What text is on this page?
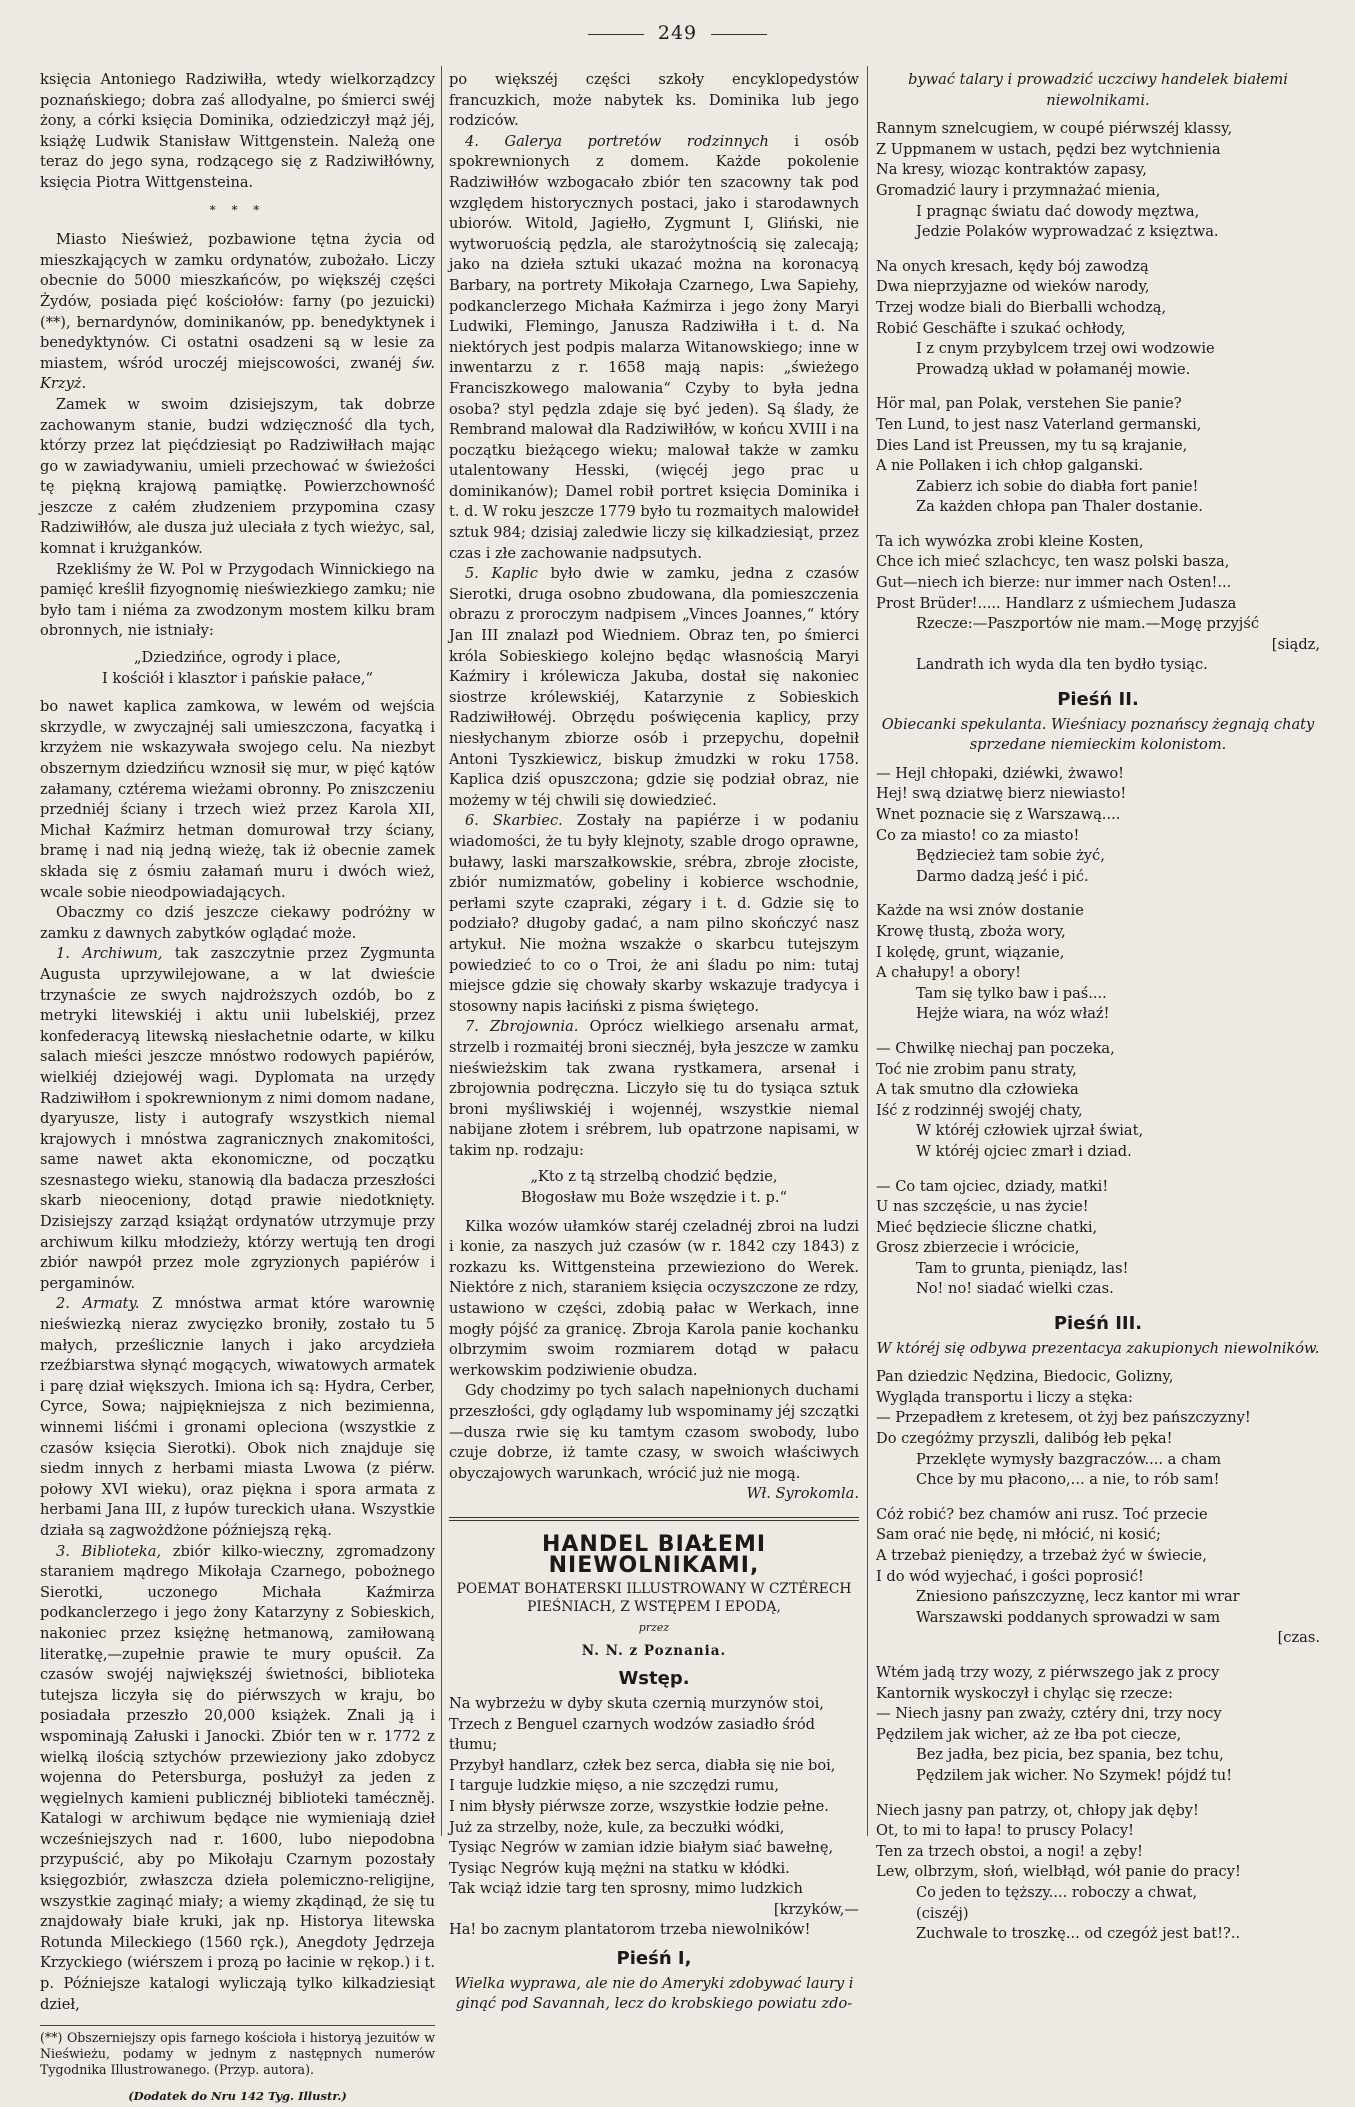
249

księcia Antoniego Radziwiłła, wtedy wielkorządzcy poznańskiego; dobra zaś allodyalne, po śmierci swéj żony, a córki księcia Dominika, odziedziczył mąż jéj, książę Ludwik Stanisław Wittgenstein. Należą one teraz do jego syna, rodzącego się z Radziwiłłówny, księcia Piotra Wittgensteina.

* * *

Miasto Nieśwież, pozbawione tętna życia od mieszkających w zamku ordynatów, zubożało. Liczy obecnie do 5000 mieszkańców, po większéj części Żydów, posiada pięć kościołów: farny (po jezuicki)(**), bernardynów, dominikanów, pp. benedyktynek i benedyktynów. Ci ostatni osadzeni są w lesie za miastem, wśród uroczéj miejscowości, zwanéj św. Krzyż.

Zamek w swoim dzisiejszym, tak dobrze zachowanym stanie, budzi wdzięczność dla tych, którzy przez lat pięćdziesiąt po Radziwiłłach mając go w zawiadywaniu, umieli przechować w świeżości tę piękną krajową pamiątkę. Powierzchowność jeszcze z całém złudzeniem przypomina czasy Radziwiłłów, ale dusza już uleciała z tych wieżyc, sal, komnat i krużganków.

Rzekliśmy że W. Pol w Przygodach Winnickiego na pamięć kreślił fizyognomię nieświezkiego zamku; nie było tam i niéma za zwodzonym mostem kilku bram obronnych, nie istniały:

„Dziedzińce, ogrody i place,
I kościół i klasztor i pańskie pałace,“

bo nawet kaplica zamkowa, w lewém od wejścia skrzydle, w zwyczajnéj sali umieszczona, facyatką i krzyżem nie wskazywała swojego celu. Na niezbyt obszernym dziedzińcu wznosił się mur, w pięć kątów załamany, cztérema wieżami obronny. Po zniszczeniu przedniéj ściany i trzech wież przez Karola XII, Michał Kaźmirz hetman domurował trzy ściany, bramę i nad nią jedną wieżę, tak iż obecnie zamek składa się z ósmiu załamań muru i dwóch wież, wcale sobie nieodpowiadających.

Obaczmy co dziś jeszcze ciekawy podróżny w zamku z dawnych zabytków oglądać może.

1. Archiwum, tak zaszczytnie przez Zygmunta Augusta uprzywilejowane, a w lat dwieście trzynaście ze swych najdroższych ozdób, bo z metryki litewskiéj i aktu unii lubelskiéj, przez konfederacyą litewską niesłachetnie odarte, w kilku salach mieści jeszcze mnóstwo rodowych papiérów, wielkiéj dziejowéj wagi. Dyplomata na urzędy Radziwiłłom i spokrewnionym z nimi domom nadane, dyaryusze, listy i autografy wszystkich niemal krajowych i mnóstwa zagranicznych znakomitości, same nawet akta ekonomiczne, od początku szesnastego wieku, stanowią dla badacza przeszłości skarb nieoceniony, dotąd prawie niedotknięty. Dzisiejszy zarząd książąt ordynatów utrzymuje przy archiwum kilku młodzieży, którzy wertują ten drogi zbiór nawpół przez mole zgryzionych papiérów i pergaminów.

2. Armaty. Z mnóstwa armat które warownię nieświezką nieraz zwycięzko broniły, zostało tu 5 małych, prześlicznie lanych i jako arcydzieła rzeźbiarstwa słynąć mogących, wiwatowych armatek i parę dział większych. Imiona ich są: Hydra, Cerber, Cyrce, Sowa; najpiękniejsza z nich bezimienna, winnemi liśćmi i gronami opleciona (wszystkie z czasów księcia Sierotki). Obok nich znajduje się siedm innych z herbami miasta Lwowa (z piérw. połowy XVI wieku), oraz piękna i spora armata z herbami Jana III, z łupów tureckich ułana. Wszystkie działa są zagwożdżone późniejszą ręką.

3. Biblioteka, zbiór kilko-wieczny, zgromadzony staraniem mądrego Mikołaja Czarnego, pobożnego Sierotki, uczonego Michała Kaźmirza podkanclerzego i jego żony Katarzyny z Sobieskich, nakoniec przez księżnę hetmanową, zamiłowaną literatkę,—zupełnie prawie te mury opuścił. Za czasów swojéj największéj świetności, biblioteka tutejsza liczyła się do piérwszych w kraju, bo posiadała przeszło 20,000 książek. Znali ją i wspominają Załuski i Janocki. Zbiór ten w r. 1772 z wielką ilością sztychów przewieziony jako zdobycz wojenna do Petersburga, posłużył za jeden z węgielnych kamieni publicznéj biblioteki taméczněj. Katalogi w archiwum będące nie wymieniają dzieł wcześniejszych nad r. 1600, lubo niepodobna przypuścić, aby po Mikołaju Czarnym pozostały księgozbiór, zwłaszcza dzieła polemiczno-religijne, wszystkie zaginąć miały; a wiemy zkądinąd, że się tu znajdowały białe kruki, jak np. Historya litewska Rotunda Mileckiego (1560 rçk.), Anegdoty Jędrzeja Krzyckiego (wiérszem i prozą po łacinie w rękop.) i t. p. Późniejsze katalogi wyliczają tylko kilkadziesiąt dzieł,

(**) Obszerniejszy opis farnego kościoła i historyą jezuitów w Nieświeżu, podamy w jednym z następnych numerów Tygodnika Illustrowanego. (Przyp. autora).
(Dodatek do Nru 142 Tyg. Illustr.)

po większéj części szkoły encyklopedystów francuzkich, może nabytek ks. Dominika lub jego rodziców.

4. Galerya portretów rodzinnych i osób spokrewnionych z domem. Każde pokolenie Radziwiłłów wzbogacało zbiór ten szacowny tak pod względem historycznych postaci, jako i starodawnych ubiorów. Witold, Jagiełło, Zygmunt I, Gliński, nie wytworuością pędzla, ale starożytnością się zalecają; jako na dzieła sztuki ukazać można na koronacyą Barbary, na portrety Mikołaja Czarnego, Lwa Sapiehy, podkanclerzego Michała Kaźmirza i jego żony Maryi Ludwiki, Flemingo, Janusza Radziwiłła i t. d. Na niektórych jest podpis malarza Witanowskiego; inne w inwentarzu z r. 1658 mają napis: „świeżego Franciszkowego malowania“ Czyby to była jedna osoba? styl pędzla zdaje się być jeden). Są ślady, że Rembrand malował dla Radziwiłłów, w końcu XVIII i na początku bieżącego wieku; malował także w zamku utalentowany Hesski, (więcéj jego prac u dominikanów); Damel robił portret księcia Dominika i t. d. W roku jeszcze 1779 było tu rozmaitych malowideł sztuk 984; dzisiaj zaledwie liczy się kilkadziesiąt, przez czas i złe zachowanie nadpsutych.

5. Kaplic było dwie w zamku, jedna z czasów Sierotki, druga osobno zbudowana, dla pomieszczenia obrazu z proroczym nadpisem „Vinces Joannes,“ który Jan III znalazł pod Wiedniem. Obraz ten, po śmierci króla Sobieskiego kolejno będąc własnością Maryi Kaźmiry i królewicza Jakuba, dostał się nakoniec siostrze królewskiéj, Katarzynie z Sobieskich Radziwiłłowéj. Obrzędu poświęcenia kaplicy, przy niesłychanym zbiorze osób i przepychu, dopełnił Antoni Tyszkiewicz, biskup żmudzki w roku 1758. Kaplica dziś opuszczona; gdzie się podział obraz, nie możemy w téj chwili się dowiedzieć.

6. Skarbiec. Zostały na papiérze i w podaniu wiadomości, że tu były klejnoty, szable drogo oprawne, buławy, laski marszałkowskie, srébra, zbroje złociste, zbiór numizmatów, gobeliny i kobierce wschodnie, perłami szyte czapraki, zégary i t. d. Gdzie się to podziało? długoby gadać, a nam pilno skończyć nasz artykuł. Nie można wszakże o skarbcu tutejszym powiedzieć to co o Troi, że ani śladu po nim: tutaj miejsce gdzie się chowały skarby wskazuje tradycya i stosowny napis łaciński z pisma świętego.

7. Zbrojownia. Oprócz wielkiego arsenału armat, strzelb i rozmaitéj broni siecznéj, była jeszcze w zamku nieświeżskim tak zwana rystkamera, arsenał i zbrojownia podręczna. Liczyło się tu do tysiąca sztuk broni myśliwskiéj i wojennéj, wszystkie niemal nabijane złotem i srébrem, lub opatrzone napisami, w takim np. rodzaju:

„Kto z tą strzelbą chodzić będzie,
Błogosław mu Boże wszędzie i t. p.“

Kilka wozów ułamków staréj czeladnéj zbroi na ludzi i konie, za naszych już czasów (w r. 1842 czy 1843) z rozkazu ks. Wittgensteina przewieziono do Werek. Niektóre z nich, staraniem księcia oczyszczone ze rdzy, ustawiono w części, zdobią pałac w Werkach, inne mogły pójść za granicę. Zbroja Karola panie kochanku olbrzymim swoim rozmiarem dotąd w pałacu werkowskim podziwienie obudza.

Gdy chodzimy po tych salach napełnionych duchami przeszłości, gdy oglądamy lub wspominamy jéj szczątki—dusza rwie się ku tamtym czasom swobody, lubo czuje dobrze, iż tamte czasy, w swoich właściwych obyczajowych warunkach, wrócić już nie mogą.

Wł. Syrokomla.

HANDEL BIAŁEMI NIEWOLNIKAMI,
POEMAT BOHATERSKI ILLUSTROWANY W CZTÉRECH PIEŚNIACH, Z WSTĘPEM I EPODĄ,
przez
N. N. z Poznania.
Wstęp.
Na wybrzeżu w dyby skuta czernią murzynów stoi,
Trzech z Benguel czarnych wodzów zasiadło śród tłumu;
Przybył handlarz, człek bez serca, diabła się nie boi,
I targuje ludzkie mięso, a nie szczędzi rumu,
I nim błysły piérwsze zorze, wszystkie łodzie pełne.
Już za strzelby, noże, kule, za beczułki wódki,
Tysiąc Negrów w zamian idzie białym siać bawełnę,
Tysiąc Negrów kują mężni na statku w kłódki.
Tak wciąż idzie targ ten sprosny, mimo ludzkich
[krzyków,—
Ha! bo zacnym plantatorom trzeba niewolników!
Pieśń I,
Wielka wyprawa, ale nie do Ameryki zdobywać laury i ginąć pod Savannah, lecz do krobskiego powiatu zdo-
bywać talary i prowadzić uczciwy handelek białemi niewolnikami.
Rannym sznelcugiem, w coupé piérwszéj klassy,
Z Uppmanem w ustach, pędzi bez wytchnienia
Na kresy, wioząc kontraktów zapasy,
Gromadzić laury i przymnażać mienia,
I pragnąc światu dać dowody męztwa,
Jedzie Polaków wyprowadzać z księztwa.
Na onych kresach, kędy bój zawodzą
Dwa nieprzyjazne od wieków narody,
Trzej wodze biali do Bierballi wchodzą,
Robić Geschäfte i szukać ochłody,
I z cnym przybylcem trzej owi wodzowie
Prowadzą układ w połamanéj mowie.
Hör mal, pan Polak, verstehen Sie panie?
Ten Lund, to jest nasz Vaterland germanski,
Dies Land ist Preussen, my tu są krajanie,
A nie Pollaken i ich chłop galganski.
Zabierz ich sobie do diabła fort panie!
Za każden chłopa pan Thaler dostanie.
Ta ich wywózka zrobi kleine Kosten,
Chce ich mieć szlachcyc, ten wasz polski basza,
Gut—niech ich bierze: nur immer nach Osten!...
Prost Brüder!..... Handlarz z uśmiechem Judasza
Rzecze:—Paszportów nie mam.—Mogę przyjść
[siądz,
Landrath ich wyda dla ten bydło tysiąc.
Pieśń II.
Obiecanki spekulanta. Wieśniacy poznańscy żegnają chaty sprzedane niemieckim kolonistom.
— Hejl chłopaki, dziéwki, żwawo!
Hej! swą dziatwę bierz niewiasto!
Wnet poznacie się z Warszawą....
Co za miasto! co za miasto!
Będziecież tam sobie żyć,
Darmo dadzą jeść i pić.
Każde na wsi znów dostanie
Krowę tłustą, zboża wory,
I kolędę, grunt, wiązanie,
A chałupy! a obory!
Tam się tylko baw i paś....
Hejże wiara, na wóz właź!
— Chwilkę niechaj pan poczeka,
Toć nie zrobim panu straty,
A tak smutno dla człowieka
Iść z rodzinnéj swojéj chaty,
W któréj człowiek ujrzał świat,
W któréj ojciec zmarł i dziad.
— Co tam ojciec, dziady, matki!
U nas szczęście, u nas życie!
Mieć będziecie śliczne chatki,
Grosz zbierzecie i wrócicie,
Tam to grunta, pieniądz, las!
No! no! siadać wielki czas.
Pieśń III.
W któréj się odbywa prezentacya zakupionych niewolników.
Pan dziedzic Nędzina, Biedocic, Golizny,
Wygląda transportu i liczy a stęka:
— Przepadłem z kretesem, ot żyj bez pańszczyzny!
Do czegóżmy przyszli, dalibóg łeb pęka!
Przeklęte wymysły bazgraczów.... a cham
Chce by mu płacono,... a nie, to rób sam!
Cóż robić? bez chamów ani rusz. Toć przecie
Sam orać nie będę, ni młócić, ni kosić;
A trzebaż pieniędzy, a trzebaż żyć w świecie,
I do wód wyjechać, i gości poprosić!
Zniesiono pańszczyznę, lecz kantor mi wrar
Warszawski poddanych sprowadzi w sam
[czas.
Wtém jadą trzy wozy, z piérwszego jak z procy
Kantornik wyskoczył i chyląc się rzecze:
— Niech jasny pan zważy, cztéry dni, trzy nocy
Pędzilem jak wicher, aż ze łba pot ciecze,
Bez jadła, bez picia, bez spania, bez tchu,
Pędzilem jak wicher. No Szymek! pójdź tu!
Niech jasny pan patrzy, ot, chłopy jak dęby!
Ot, to mi to łapa! to pruscy Polacy!
Ten za trzech obstoi, a nogi! a zęby!
Lew, olbrzym, słoń, wielbłąd, wół panie do pracy!
Co jeden to tęższy.... roboczy a chwat,
(ciszéj)
Zuchwale to troszkę... od czegóż jest bat!?..
